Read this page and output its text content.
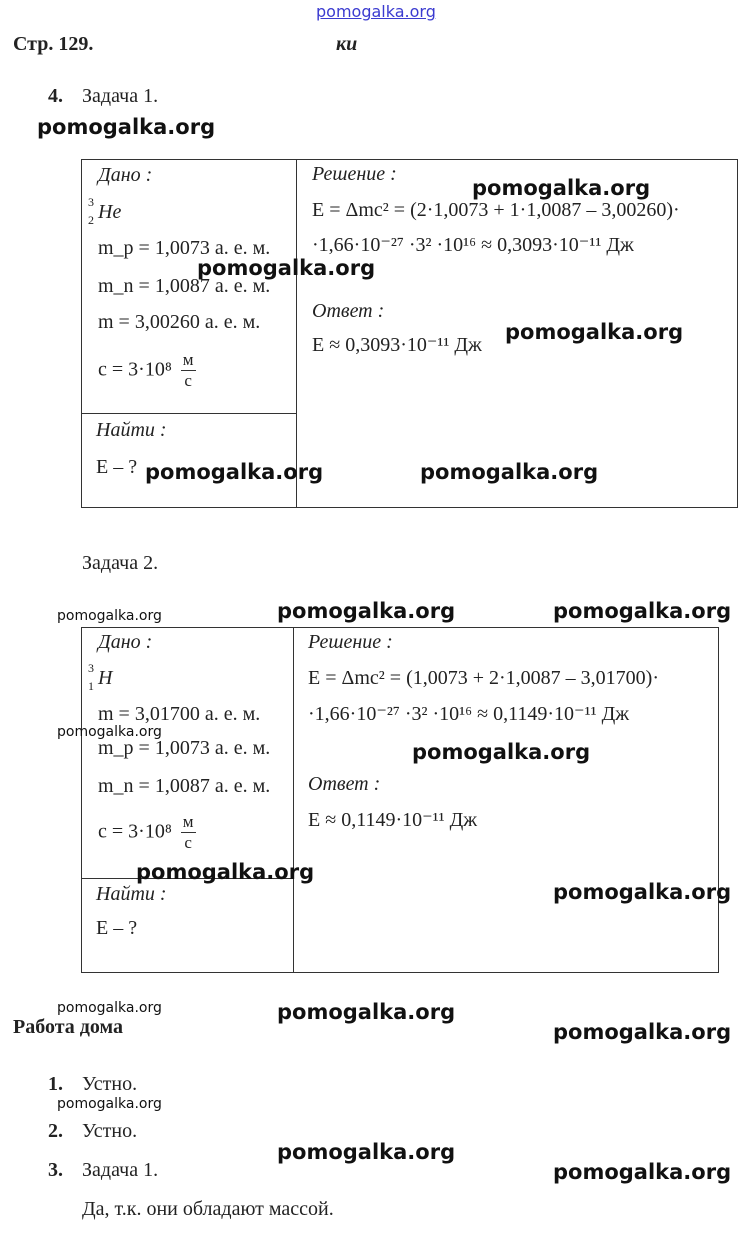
pomogalka.org
Стр. 129.	ки
4. Задача 1.
pomogalka.org
Дано :
3
2 He
m_p = 1,0073 а. е. м.
m_n = 1,0087 а. е. м.
m = 3,00260 а. е. м.
$c = 3\cdot 10^8 \frac{м}{с}$
Найти :
E – ?
Решение :
E = Δmc² = (2·1,0073 + 1·1,0087 – 3,00260)·
·1,66·10⁻²⁷ ·3² ·10¹⁶ ≈ 0,3093·10⁻¹¹ Дж
Ответ :
E ≈ 0,3093·10⁻¹¹ Дж
pomogalka.org
pomogalka.org
pomogalka.org
pomogalka.org	pomogalka.org
Задача 2.
pomogalka.org	pomogalka.org	pomogalka.org
Дано :
3
1 H
m = 3,01700 а. е. м.
m_p = 1,0073 а. е. м.
m_n = 1,0087 а. е. м.
$c = 3\cdot 10^8 \frac{м}{с}$
Найти :
E – ?
Решение :
E = Δmc² = (1,0073 + 2·1,0087 – 3,01700)·
·1,66·10⁻²⁷ ·3² ·10¹⁶ ≈ 0,1149·10⁻¹¹ Дж
Ответ :
E ≈ 0,1149·10⁻¹¹ Дж
pomogalka.org
pomogalka.org
pomogalka.org
pomogalka.org
pomogalka.org
Работа дома
pomogalka.org
pomogalka.org
1. Устно.
pomogalka.org
2. Устно.
pomogalka.org
3. Задача 1.	pomogalka.org
Да, т.к. они обладают массой.
